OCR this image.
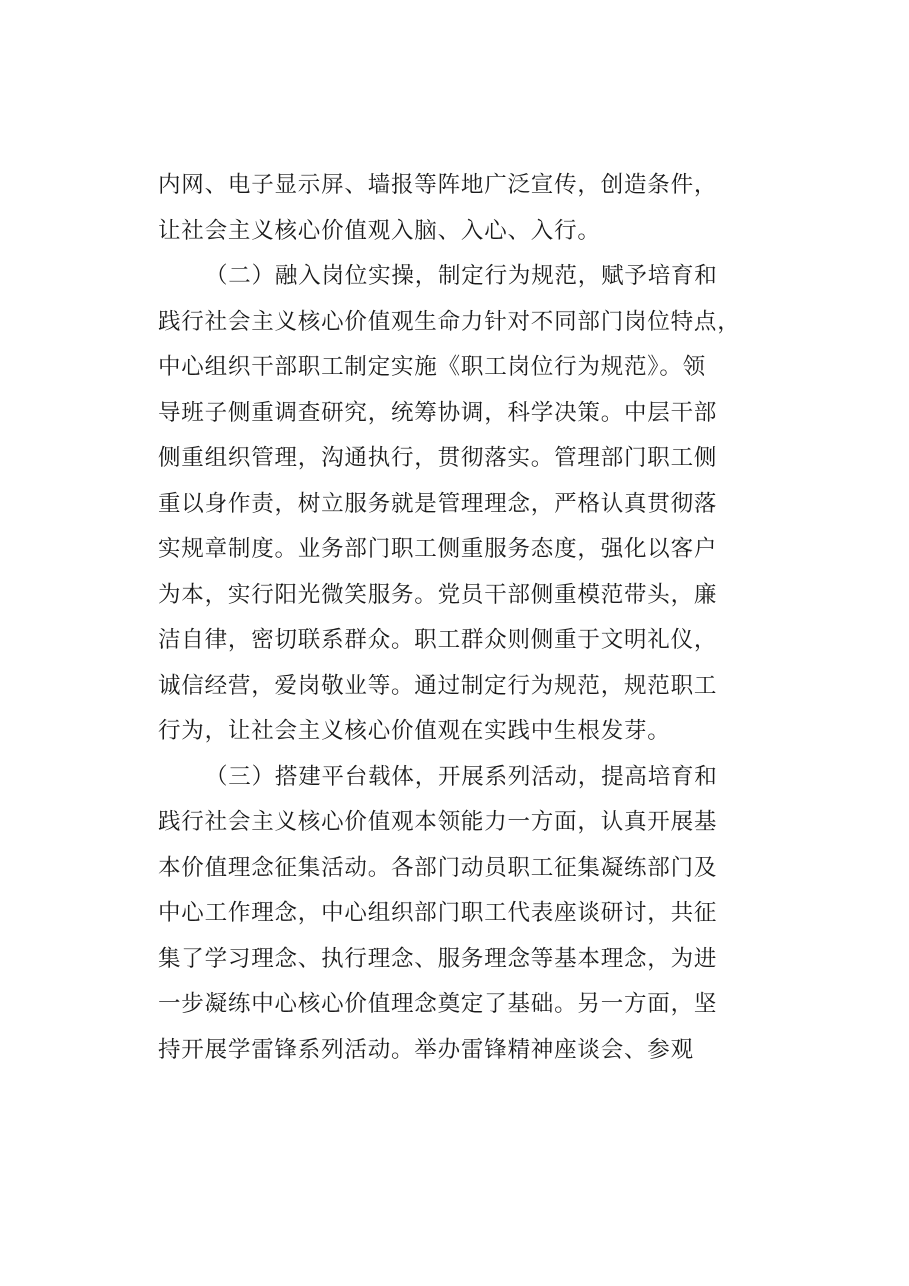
内网、电子显示屏、墙报等阵地广泛宣传，创造条件，
让社会主义核心价值观入脑、入心、入行。
（二）融入岗位实操，制定行为规范，赋予培育和
践行社会主义核心价值观生命力针对不同部门岗位特点，
中心组织干部职工制定实施《职工岗位行为规范》。领
导班子侧重调查研究，统筹协调，科学决策。中层干部
侧重组织管理，沟通执行，贯彻落实。管理部门职工侧
重以身作责，树立服务就是管理理念，严格认真贯彻落
实规章制度。业务部门职工侧重服务态度，强化以客户
为本，实行阳光微笑服务。党员干部侧重模范带头，廉
洁自律，密切联系群众。职工群众则侧重于文明礼仪，
诚信经营，爱岗敬业等。通过制定行为规范，规范职工
行为，让社会主义核心价值观在实践中生根发芽。
（三）搭建平台载体，开展系列活动，提高培育和
践行社会主义核心价值观本领能力一方面，认真开展基
本价值理念征集活动。各部门动员职工征集凝练部门及
中心工作理念，中心组织部门职工代表座谈研讨，共征
集了学习理念、执行理念、服务理念等基本理念，为进
一步凝练中心核心价值理念奠定了基础。另一方面，坚
持开展学雷锋系列活动。举办雷锋精神座谈会、参观
